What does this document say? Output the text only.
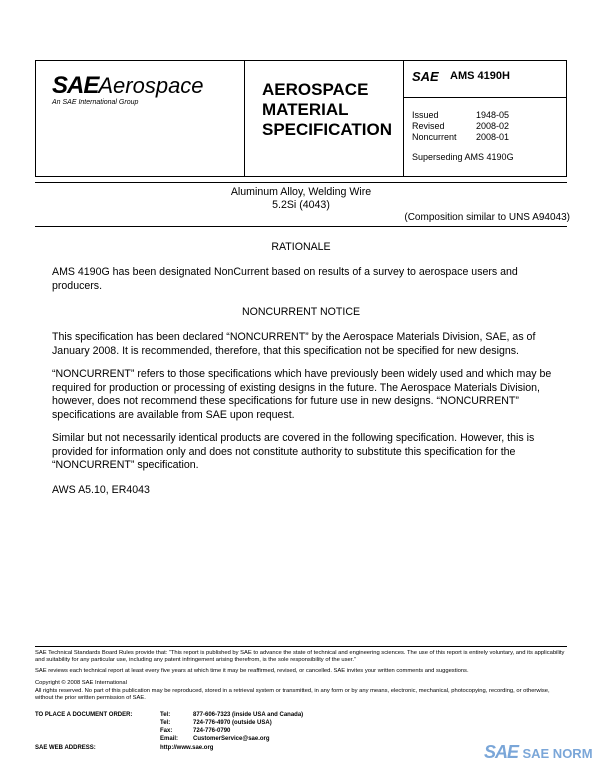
SAEAerospace
An SAE International Group
AEROSPACE
MATERIAL
SPECIFICATION
SAE AMS 4190H
Issued	1948-05
Revised	2008-02
Noncurrent 2008-01
Superseding AMS 4190G
Aluminum Alloy, Welding Wire
5.2Si (4043)
(Composition similar to UNS A94043)
RATIONALE
AMS 4190G has been designated NonCurrent based on results of a survey to aerospace users and producers.
NONCURRENT NOTICE
This specification has been declared “NONCURRENT” by the Aerospace Materials Division, SAE, as of January 2008. It is recommended, therefore, that this specification not be specified for new designs.
“NONCURRENT” refers to those specifications which have previously been widely used and which may be required for production or processing of existing designs in the future. The Aerospace Materials Division, however, does not recommend these specifications for future use in new designs. “NONCURRENT” specifications are available from SAE upon request.
Similar but not necessarily identical products are covered in the following specification. However, this is provided for information only and does not constitute authority to substitute this specification for the “NONCURRENT” specification.
AWS A5.10, ER4043
SAE Technical Standards Board Rules provide that: “This report is published by SAE to advance the state of technical and engineering sciences. The use of this report is entirely voluntary, and its applicability and suitability for any particular use, including any patent infringement arising therefrom, is the sole responsibility of the user.”
SAE reviews each technical report at least every five years at which time it may be reaffirmed, revised, or cancelled. SAE invites your written comments and suggestions.
Copyright © 2008 SAE International
All rights reserved. No part of this publication may be reproduced, stored in a retrieval system or transmitted, in any form or by any means, electronic, mechanical, photocopying, recording, or otherwise, without the prior written permission of SAE.
TO PLACE A DOCUMENT ORDER:	Tel:	877-606-7323 (inside USA and Canada)
Tel:	724-776-4970 (outside USA)
Fax:	724-776-0790
Email: CustomerService@sae.org
SAE WEB ADDRESS:	http://www.sae.org	SAE SAE NORM
